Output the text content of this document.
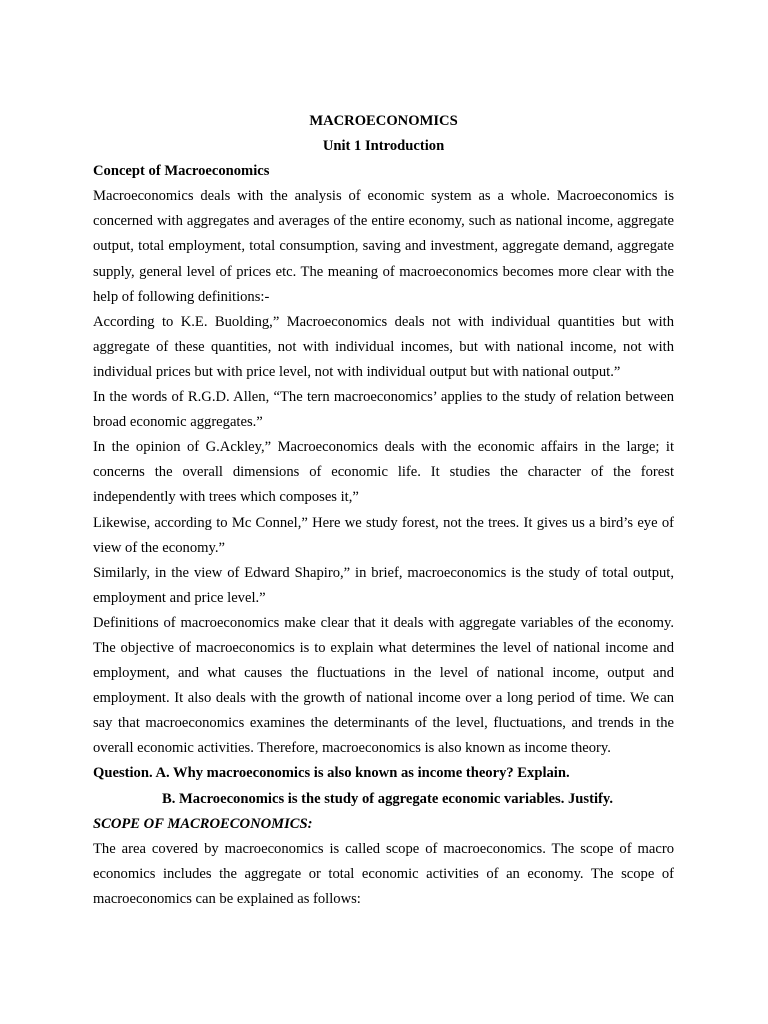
MACROECONOMICS

Unit 1 Introduction

Concept of Macroeconomics

Macroeconomics deals with the analysis of economic system as a whole. Macroeconomics is concerned with aggregates and averages of the entire economy, such as national income, aggregate output, total employment, total consumption, saving and investment, aggregate demand, aggregate supply, general level of prices etc. The meaning of macroeconomics becomes more clear with the help of following definitions:-

According to K.E. Buolding,” Macroeconomics deals not with individual quantities but with aggregate of these quantities, not with individual incomes, but with national income, not with individual prices but with price level, not with individual output but with national output.”

In the words of R.G.D. Allen, “The tern macroeconomics’ applies to the study of relation between broad economic aggregates.”

In the opinion of G.Ackley,” Macroeconomics deals with the economic affairs in the large; it concerns the overall dimensions of economic life. It studies the character of the forest independently with trees which composes it,”

Likewise, according to Mc Connel,” Here we study forest, not the trees. It gives us a bird’s eye of view of the economy.”

Similarly, in the view of Edward Shapiro,” in brief, macroeconomics is the study of total output, employment and price level.”

Definitions of macroeconomics make clear that it deals with aggregate variables of the economy. The objective of macroeconomics is to explain what determines the level of national income and employment, and what causes the fluctuations in the level of national income, output and employment. It also deals with the growth of national income over a long period of time. We can say that macroeconomics examines the determinants of the level, fluctuations, and trends in the overall economic activities. Therefore, macroeconomics is also known as income theory.

Question. A. Why macroeconomics is also known as income theory? Explain.

B. Macroeconomics is the study of aggregate economic variables. Justify.

SCOPE OF MACROECONOMICS:

The area covered by macroeconomics is called scope of macroeconomics. The scope of macro economics includes the aggregate or total economic activities of an economy. The scope of macroeconomics can be explained as follows:
